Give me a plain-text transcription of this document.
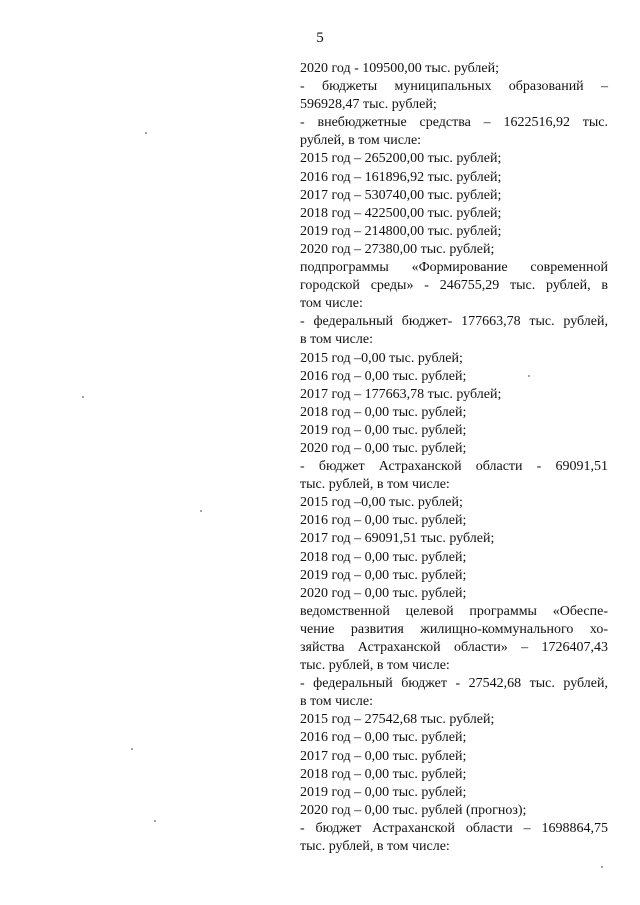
5
2020 год - 109500,00 тыс. рублей;
- бюджеты муниципальных образований –
596928,47 тыс. рублей;
- внебюджетные средства – 1622516,92 тыс.
рублей, в том числе:
2015 год – 265200,00 тыс. рублей;
2016 год – 161896,92 тыс. рублей;
2017 год – 530740,00 тыс. рублей;
2018 год – 422500,00 тыс. рублей;
2019 год – 214800,00 тыс. рублей;
2020 год – 27380,00 тыс. рублей;
подпрограммы «Формирование современной
городской среды» - 246755,29 тыс. рублей, в
том числе:
- федеральный бюджет- 177663,78 тыс. рублей,
в том числе:
2015 год –0,00 тыс. рублей;
2016 год – 0,00 тыс. рублей;
2017 год – 177663,78 тыс. рублей;
2018 год – 0,00 тыс. рублей;
2019 год – 0,00 тыс. рублей;
2020 год – 0,00 тыс. рублей;
- бюджет Астраханской области - 69091,51
тыс. рублей, в том числе:
2015 год –0,00 тыс. рублей;
2016 год – 0,00 тыс. рублей;
2017 год – 69091,51 тыс. рублей;
2018 год – 0,00 тыс. рублей;
2019 год – 0,00 тыс. рублей;
2020 год – 0,00 тыс. рублей;
ведомственной целевой программы «Обеспе-
чение развития жилищно-коммунального хо-
зяйства Астраханской области» – 1726407,43
тыс. рублей, в том числе:
- федеральный бюджет - 27542,68 тыс. рублей,
в том числе:
2015 год – 27542,68 тыс. рублей;
2016 год – 0,00 тыс. рублей;
2017 год – 0,00 тыс. рублей;
2018 год – 0,00 тыс. рублей;
2019 год – 0,00 тыс. рублей;
2020 год – 0,00 тыс. рублей (прогноз);
- бюджет Астраханской области – 1698864,75
тыс. рублей, в том числе:
